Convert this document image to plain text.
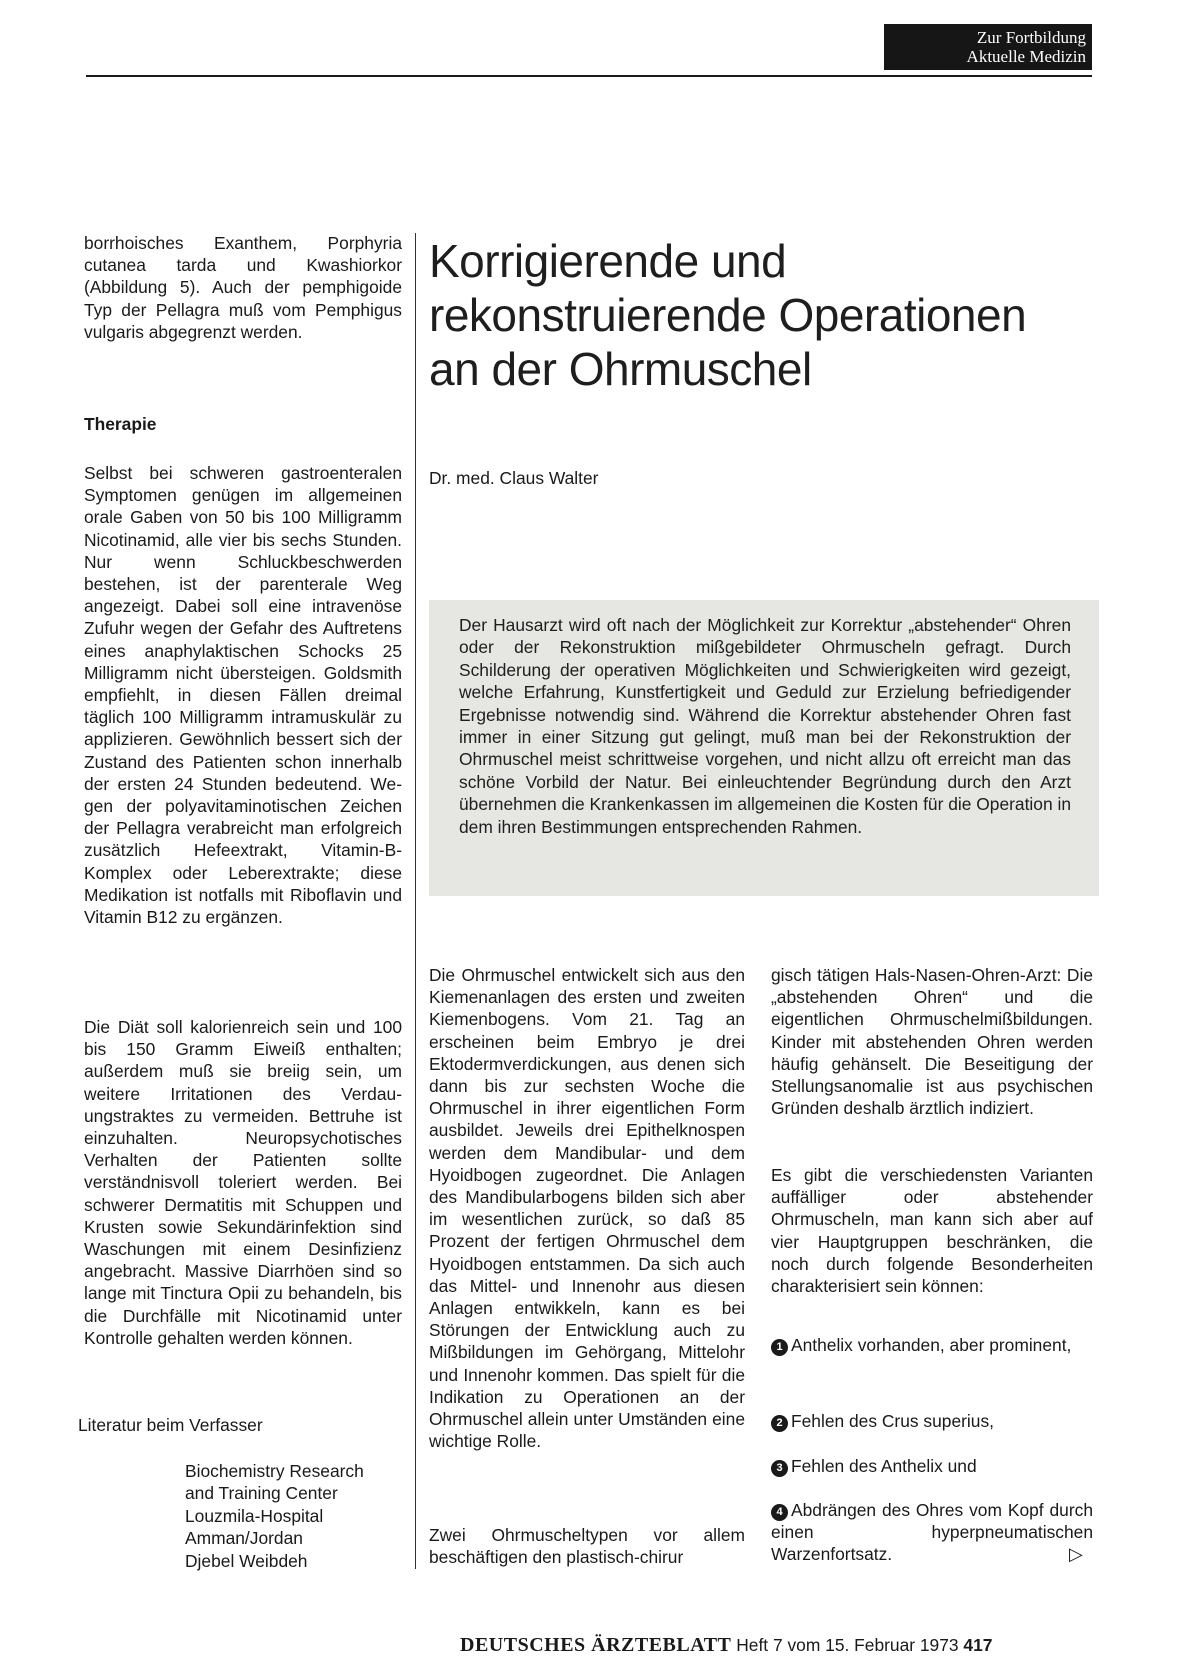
Zur Fortbildung
Aktuelle Medizin

borrhoisches Exanthem, Porphyria cutanea tarda und Kwashiorkor (Abbildung 5). Auch der pemphigoide Typ der Pellagra muß vom Pemphigus vulgaris abgegrenzt werden.

Therapie

Selbst bei schweren gastroenteralen Symptomen genügen im allgemeinen orale Gaben von 50 bis 100 Milligramm Nicotinamid, alle vier bis sechs Stunden. Nur wenn Schluckbeschwerden bestehen, ist der parenterale Weg angezeigt. Dabei soll eine intravenöse Zufuhr wegen der Gefahr des Auftretens eines anaphylaktischen Schocks 25 Milligramm nicht übersteigen. Goldsmith empfiehlt, in diesen Fällen dreimal täglich 100 Milligramm intramuskulär zu applizieren. Gewöhnlich bessert sich der Zustand des Patienten schon innerhalb der ersten 24 Stunden bedeutend. Wegen der polyavitaminotischen Zeichen der Pellagra verabreicht man erfolgreich zusätzlich Hefeextrakt, Vitamin-B-Komplex oder Leberextrakte; diese Medikation ist notfalls mit Riboflavin und Vitamin B12 zu ergänzen.

Die Diät soll kalorienreich sein und 100 bis 150 Gramm Eiweiß enthalten; außerdem muß sie breiig sein, um weitere Irritationen des Verdauungstraktes zu vermeiden. Bettruhe ist einzuhalten. Neuropsychotisches Verhalten der Patienten sollte verständnisvoll toleriert werden. Bei schwerer Dermatitis mit Schuppen und Krusten sowie Sekundärinfektion sind Waschungen mit einem Desinfizienz angebracht. Massive Diarrhöen sind so lange mit Tinctura Opii zu behandeln, bis die Durchfälle mit Nicotinamid unter Kontrolle gehalten werden können.

Literatur beim Verfasser
Biochemistry Research
and Training Center
Louzmila-Hospital
Amman/Jordan
Djebel Weibdeh
Korrigierende und
rekonstruierende Operationen
an der Ohrmuschel
Dr. med. Claus Walter

Der Hausarzt wird oft nach der Möglichkeit zur Korrektur „abstehender“ Ohren oder der Rekonstruktion mißgebildeter Ohrmuscheln gefragt. Durch Schilderung der operativen Möglichkeiten und Schwierigkeiten wird gezeigt, welche Erfahrung, Kunstfertigkeit und Geduld zur Erzielung befriedigender Ergebnisse notwendig sind. Während die Korrektur abstehender Ohren fast immer in einer Sitzung gut gelingt, muß man bei der Rekonstruktion der Ohrmuschel meist schrittweise vorgehen, und nicht allzu oft erreicht man das schöne Vorbild der Natur. Bei einleuchtender Begründung durch den Arzt übernehmen die Krankenkassen im allgemeinen die Kosten für die Operation in dem ihren Bestimmungen entsprechenden Rahmen.

Die Ohrmuschel entwickelt sich aus den Kiemenanlagen des ersten und zweiten Kiemenbogens. Vom 21. Tag an erscheinen beim Embryo je drei Ektodermverdickungen, aus denen sich dann bis zur sechsten Woche die Ohrmuschel in ihrer eigentlichen Form ausbildet. Jeweils drei Epithelknospen werden dem Mandibular- und dem Hyoidbogen zugeordnet. Die Anlagen des Mandibularbogens bilden sich aber im wesentlichen zurück, so daß 85 Prozent der fertigen Ohrmuschel dem Hyoidbogen entstammen. Da sich auch das Mittel- und Innenohr aus diesen Anlagen entwikkeln, kann es bei Störungen der Entwicklung auch zu Mißbildungen im Gehörgang, Mittelohr und Innenohr kommen. Das spielt für die Indikation zu Operationen an der Ohrmuschel allein unter Umständen eine wichtige Rolle.

Zwei Ohrmuscheltypen vor allem beschäftigen den plastisch-chirur

gisch tätigen Hals-Nasen-Ohren-Arzt: Die „abstehenden Ohren“ und die eigentlichen Ohrmuschelmißbildungen. Kinder mit abstehenden Ohren werden häufig gehänselt. Die Beseitigung der Stellungsanomalie ist aus psychischen Gründen deshalb ärztlich indiziert.

Es gibt die verschiedensten Varianten auffälliger oder abstehender Ohrmuscheln, man kann sich aber auf vier Hauptgruppen beschränken, die noch durch folgende Besonderheiten charakterisiert sein können:

1 Anthelix vorhanden, aber prominent,
2 Fehlen des Crus superius,
3 Fehlen des Anthelix und
4 Abdrängen des Ohres vom Kopf durch einen hyperpneumatischen Warzenfortsatz.	▷
DEUTSCHES ÄRZTEBLATT Heft 7 vom 15. Februar 1973 417
